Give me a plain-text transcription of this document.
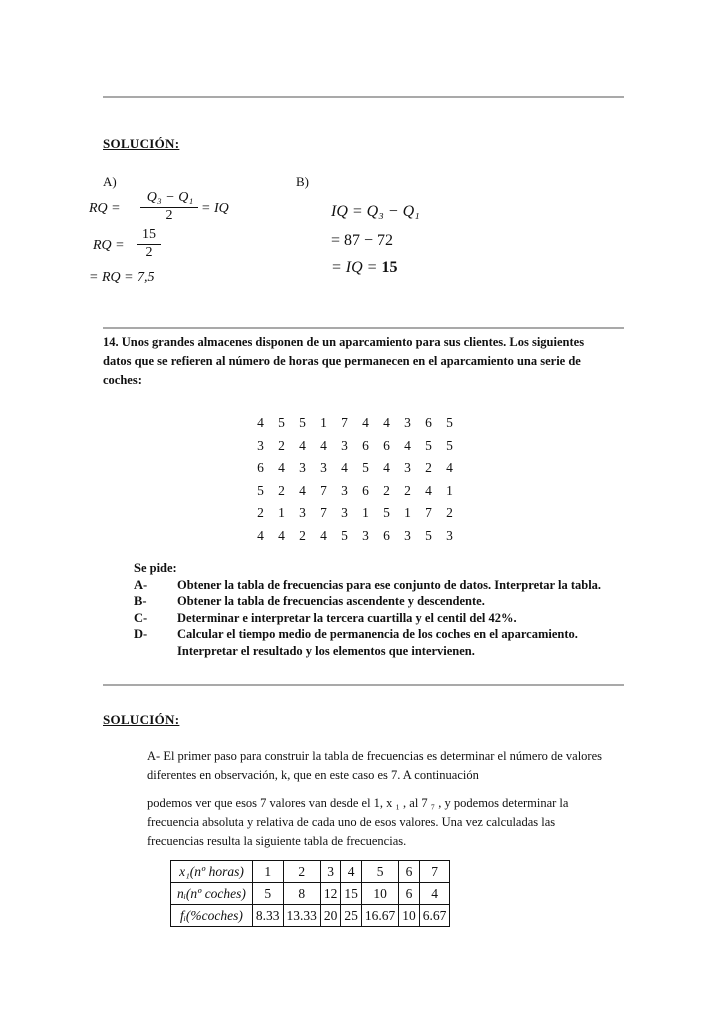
SOLUCIÓN:
A)	B)
RQ =
Q₃ − Q₁
2	= IQ
RQ =
15
2
= RQ = 7,5
IQ = Q₃ − Q₁
= 87 − 72
= IQ = 15
14. Unos grandes almacenes disponen de un aparcamiento para sus clientes. Los siguientes datos que se refieren al número de horas que permanecen en el aparcamiento una serie de coches:
4	5	5	1	7	4	4	3	6	5
3	2	4	4	3	6	6	4	5	5
6	4	3	3	4	5	4	3	2	4
5	2	4	7	3	6	2	2	4	1
2	1	3	7	3	1	5	1	7	2
4	4	2	4	5	3	6	3	5	3
Se pide:
A-	Obtener la tabla de frecuencias para ese conjunto de datos. Interpretar la tabla.
B-	Obtener la tabla de frecuencias ascendente y descendente.
C-	Determinar e interpretar la tercera cuartilla y el centil del 42%.
D-	Calcular el tiempo medio de permanencia de los coches en el aparcamiento. Interpretar el resultado y los elementos que intervienen.
SOLUCIÓN:
A- El primer paso para construir la tabla de frecuencias es determinar el número de valores diferentes en observación, k, que en este caso es 7. A continuación
podemos ver que esos 7 valores van desde el 1, x ₁ , al 7 ₇ , y podemos determinar la frecuencia absoluta y relativa de cada uno de esos valores. Una vez calculadas las frecuencias resulta la siguiente tabla de frecuencias.
x₁(nº horas)	1	2	3	4	5	6	7
nᵢ(nº coches)	5	8	12	15	10	6	4
fᵢ(%coches)	8.33	13.33	20	25	16.67	10	6.67
